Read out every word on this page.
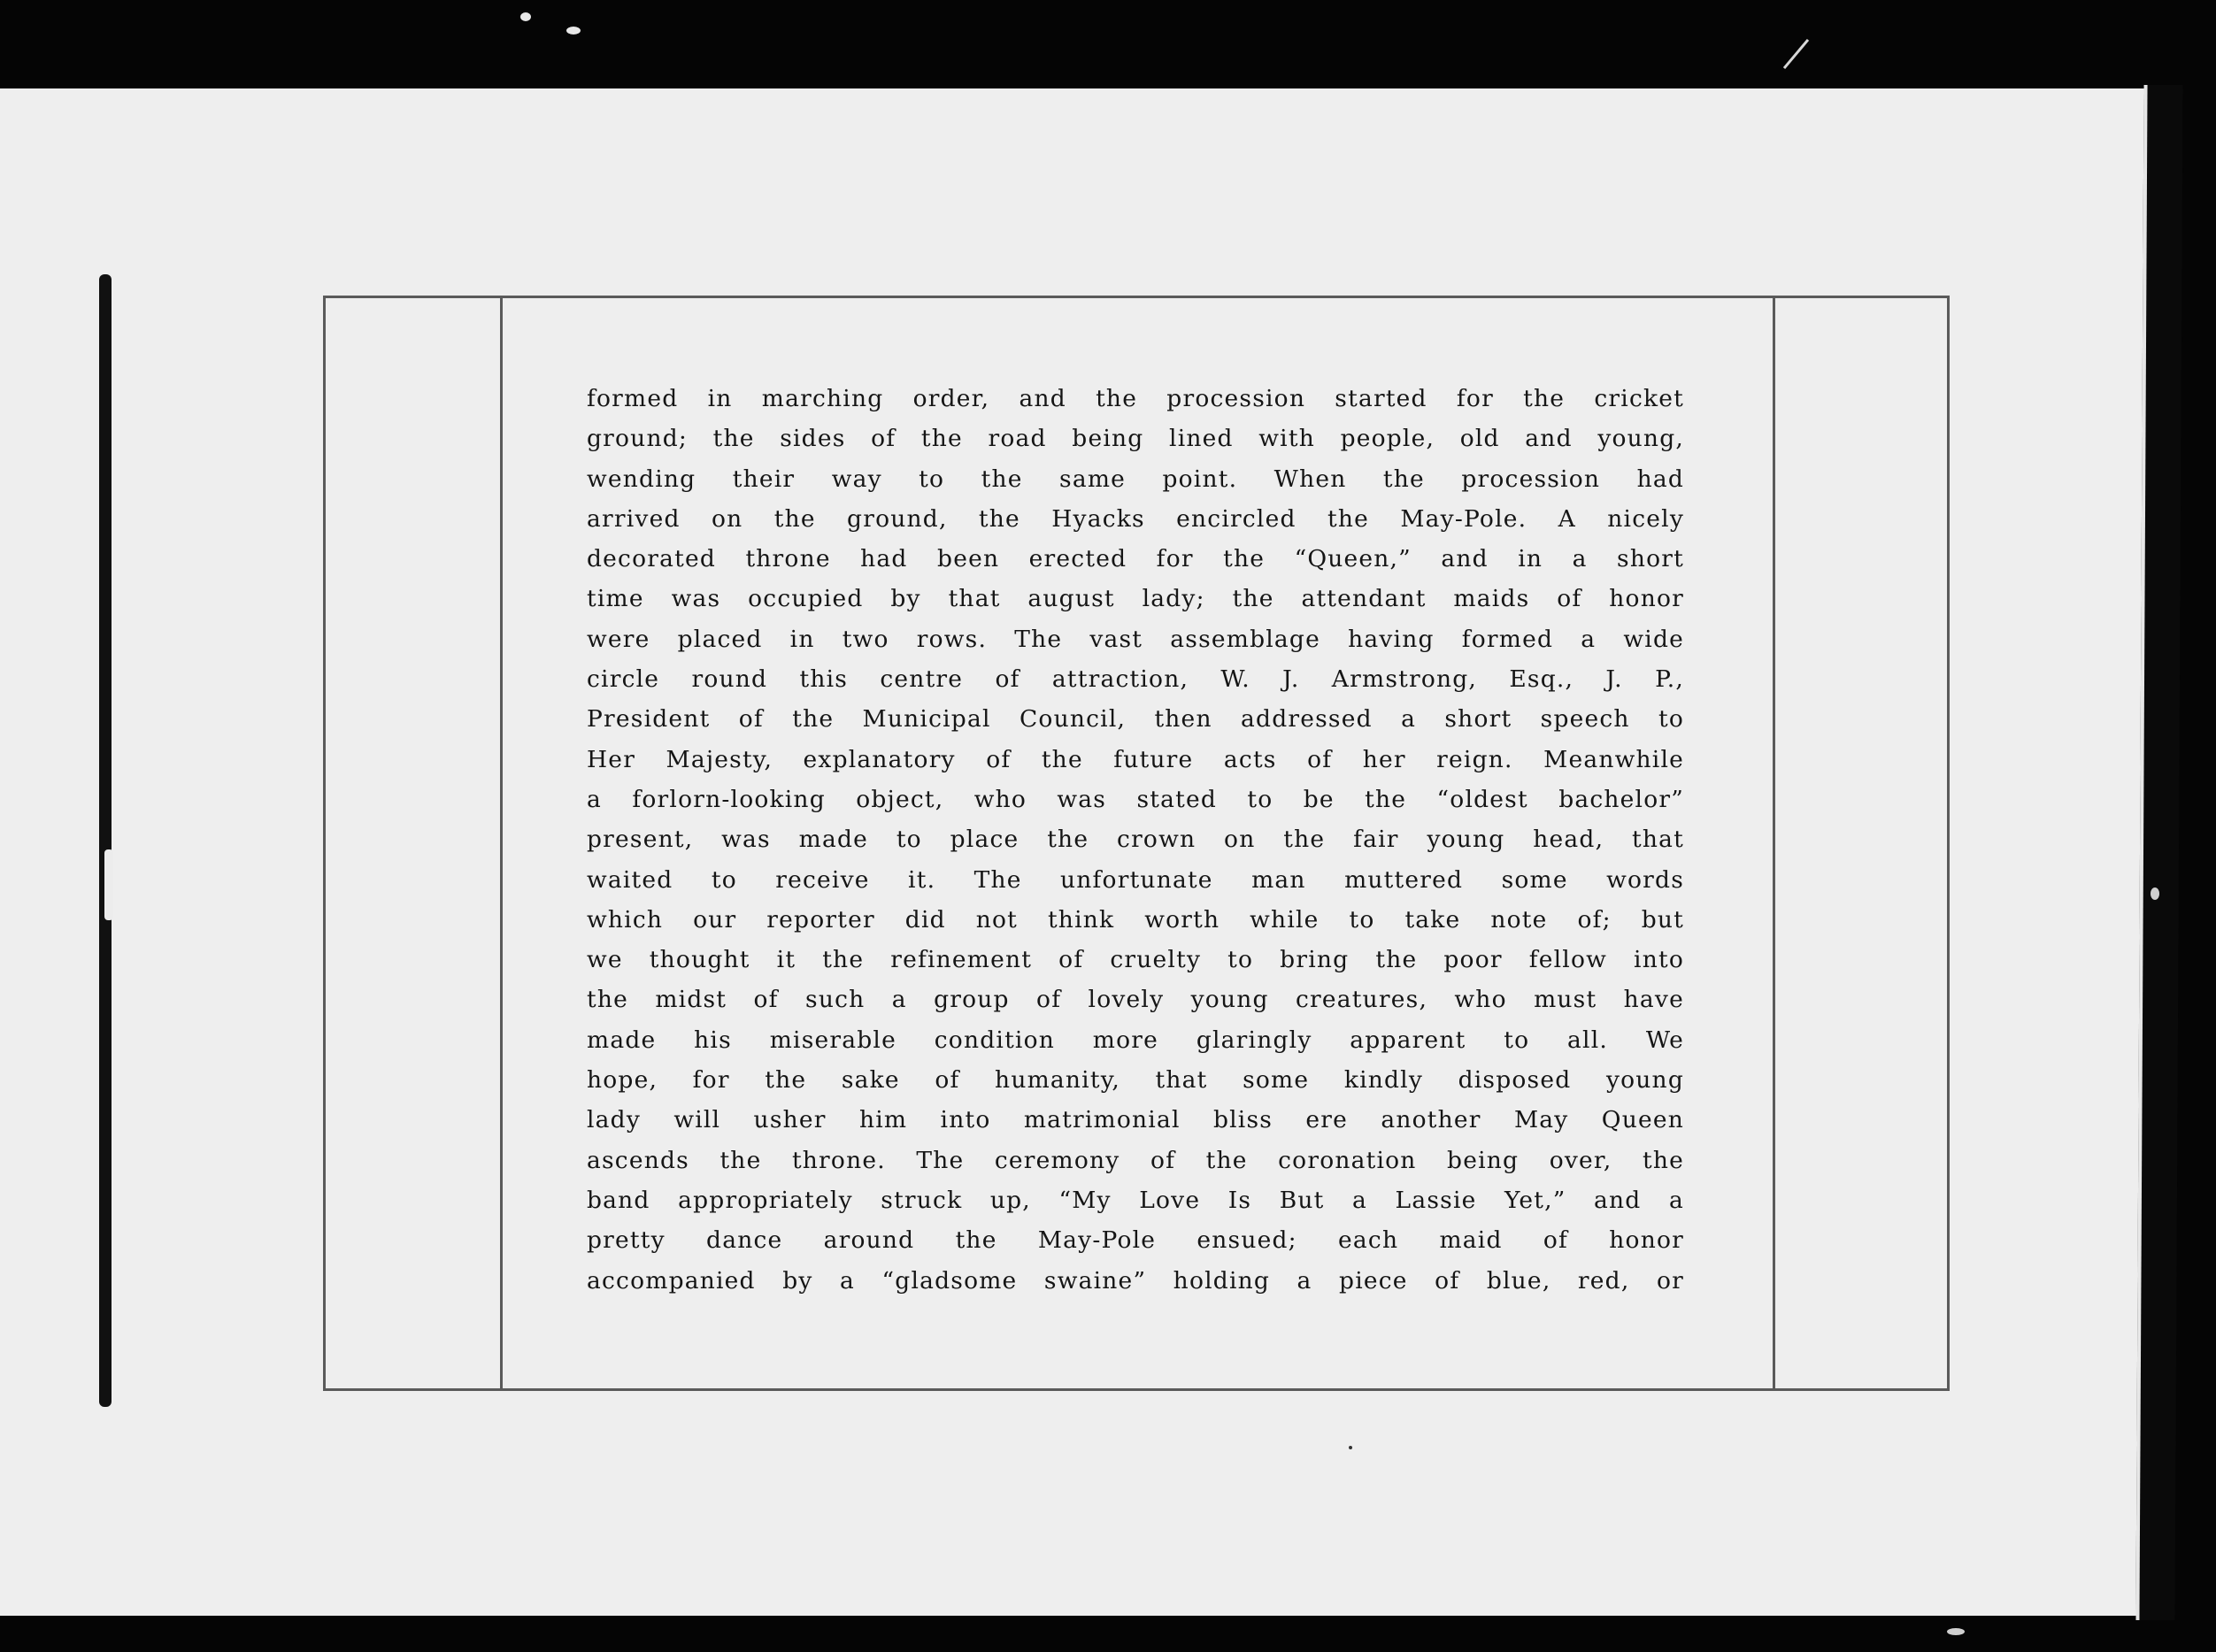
formed in marching order, and the procession started for the cricket
ground; the sides of the road being lined with people, old and young,
wending their way to the same point. When the procession had
arrived on the ground, the Hyacks encircled the May-Pole. A nicely
decorated throne had been erected for the “Queen,” and in a short
time was occupied by that august lady; the attendant maids of honor
were placed in two rows. The vast assemblage having formed a wide
circle round this centre of attraction, W. J. Armstrong, Esq., J. P.,
President of the Municipal Council, then addressed a short speech to
Her Majesty, explanatory of the future acts of her reign. Meanwhile
a forlorn-looking object, who was stated to be the “oldest bachelor”
present, was made to place the crown on the fair young head, that
waited to receive it. The unfortunate man muttered some words
which our reporter did not think worth while to take note of; but
we thought it the refinement of cruelty to bring the poor fellow into
the midst of such a group of lovely young creatures, who must have
made his miserable condition more glaringly apparent to all. We
hope, for the sake of humanity, that some kindly disposed young
lady will usher him into matrimonial bliss ere another May Queen
ascends the throne. The ceremony of the coronation being over, the
band appropriately struck up, “My Love Is But a Lassie Yet,” and a
pretty dance around the May-Pole ensued; each maid of honor
accompanied by a “gladsome swaine” holding a piece of blue, red, or
